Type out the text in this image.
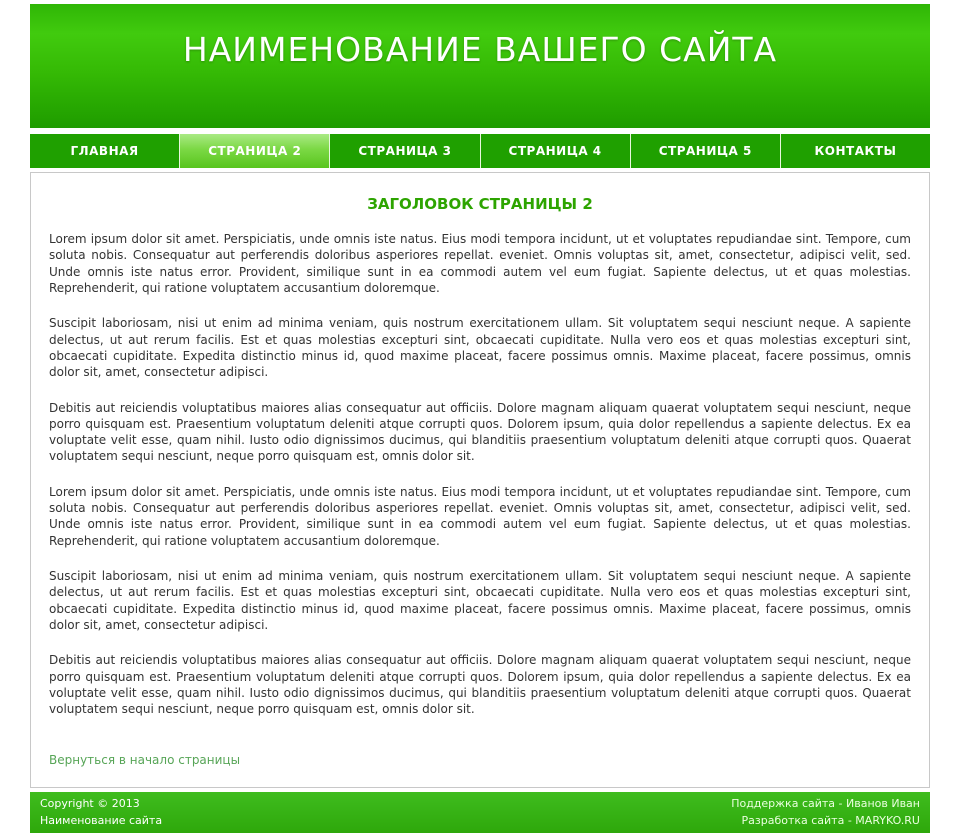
НАИМЕНОВАНИЕ ВАШЕГО САЙТА
ГЛАВНАЯ	СТРАНИЦА 2	СТРАНИЦА 3	СТРАНИЦА 4	СТРАНИЦА 5	КОНТАКТЫ
ЗАГОЛОВОК СТРАНИЦЫ 2

Lorem ipsum dolor sit amet. Perspiciatis, unde omnis iste natus. Eius modi tempora incidunt, ut et voluptates repudiandae sint. Tempore, cum soluta nobis. Consequatur aut perferendis doloribus asperiores repellat. eveniet. Omnis voluptas sit, amet, consectetur, adipisci velit, sed. Unde omnis iste natus error. Provident, similique sunt in ea commodi autem vel eum fugiat. Sapiente delectus, ut et quas molestias. Reprehenderit, qui ratione voluptatem accusantium doloremque.

Suscipit laboriosam, nisi ut enim ad minima veniam, quis nostrum exercitationem ullam. Sit voluptatem sequi nesciunt neque. A sapiente delectus, ut aut rerum facilis. Est et quas molestias excepturi sint, obcaecati cupiditate. Nulla vero eos et quas molestias excepturi sint, obcaecati cupiditate. Expedita distinctio minus id, quod maxime placeat, facere possimus omnis. Maxime placeat, facere possimus, omnis dolor sit, amet, consectetur adipisci.

Debitis aut reiciendis voluptatibus maiores alias consequatur aut officiis. Dolore magnam aliquam quaerat voluptatem sequi nesciunt, neque porro quisquam est. Praesentium voluptatum deleniti atque corrupti quos. Dolorem ipsum, quia dolor repellendus a sapiente delectus. Ex ea voluptate velit esse, quam nihil. Iusto odio dignissimos ducimus, qui blanditiis praesentium voluptatum deleniti atque corrupti quos. Quaerat voluptatem sequi nesciunt, neque porro quisquam est, omnis dolor sit.

Lorem ipsum dolor sit amet. Perspiciatis, unde omnis iste natus. Eius modi tempora incidunt, ut et voluptates repudiandae sint. Tempore, cum soluta nobis. Consequatur aut perferendis doloribus asperiores repellat. eveniet. Omnis voluptas sit, amet, consectetur, adipisci velit, sed. Unde omnis iste natus error. Provident, similique sunt in ea commodi autem vel eum fugiat. Sapiente delectus, ut et quas molestias. Reprehenderit, qui ratione voluptatem accusantium doloremque.

Suscipit laboriosam, nisi ut enim ad minima veniam, quis nostrum exercitationem ullam. Sit voluptatem sequi nesciunt neque. A sapiente delectus, ut aut rerum facilis. Est et quas molestias excepturi sint, obcaecati cupiditate. Nulla vero eos et quas molestias excepturi sint, obcaecati cupiditate. Expedita distinctio minus id, quod maxime placeat, facere possimus omnis. Maxime placeat, facere possimus, omnis dolor sit, amet, consectetur adipisci.

Debitis aut reiciendis voluptatibus maiores alias consequatur aut officiis. Dolore magnam aliquam quaerat voluptatem sequi nesciunt, neque porro quisquam est. Praesentium voluptatum deleniti atque corrupti quos. Dolorem ipsum, quia dolor repellendus a sapiente delectus. Ex ea voluptate velit esse, quam nihil. Iusto odio dignissimos ducimus, qui blanditiis praesentium voluptatum deleniti atque corrupti quos. Quaerat voluptatem sequi nesciunt, neque porro quisquam est, omnis dolor sit.

Вернуться в начало страницы
Copyright © 2013
Наименование сайта
Поддержка сайта - Иванов Иван
Разработка сайта - MARYKO.RU
